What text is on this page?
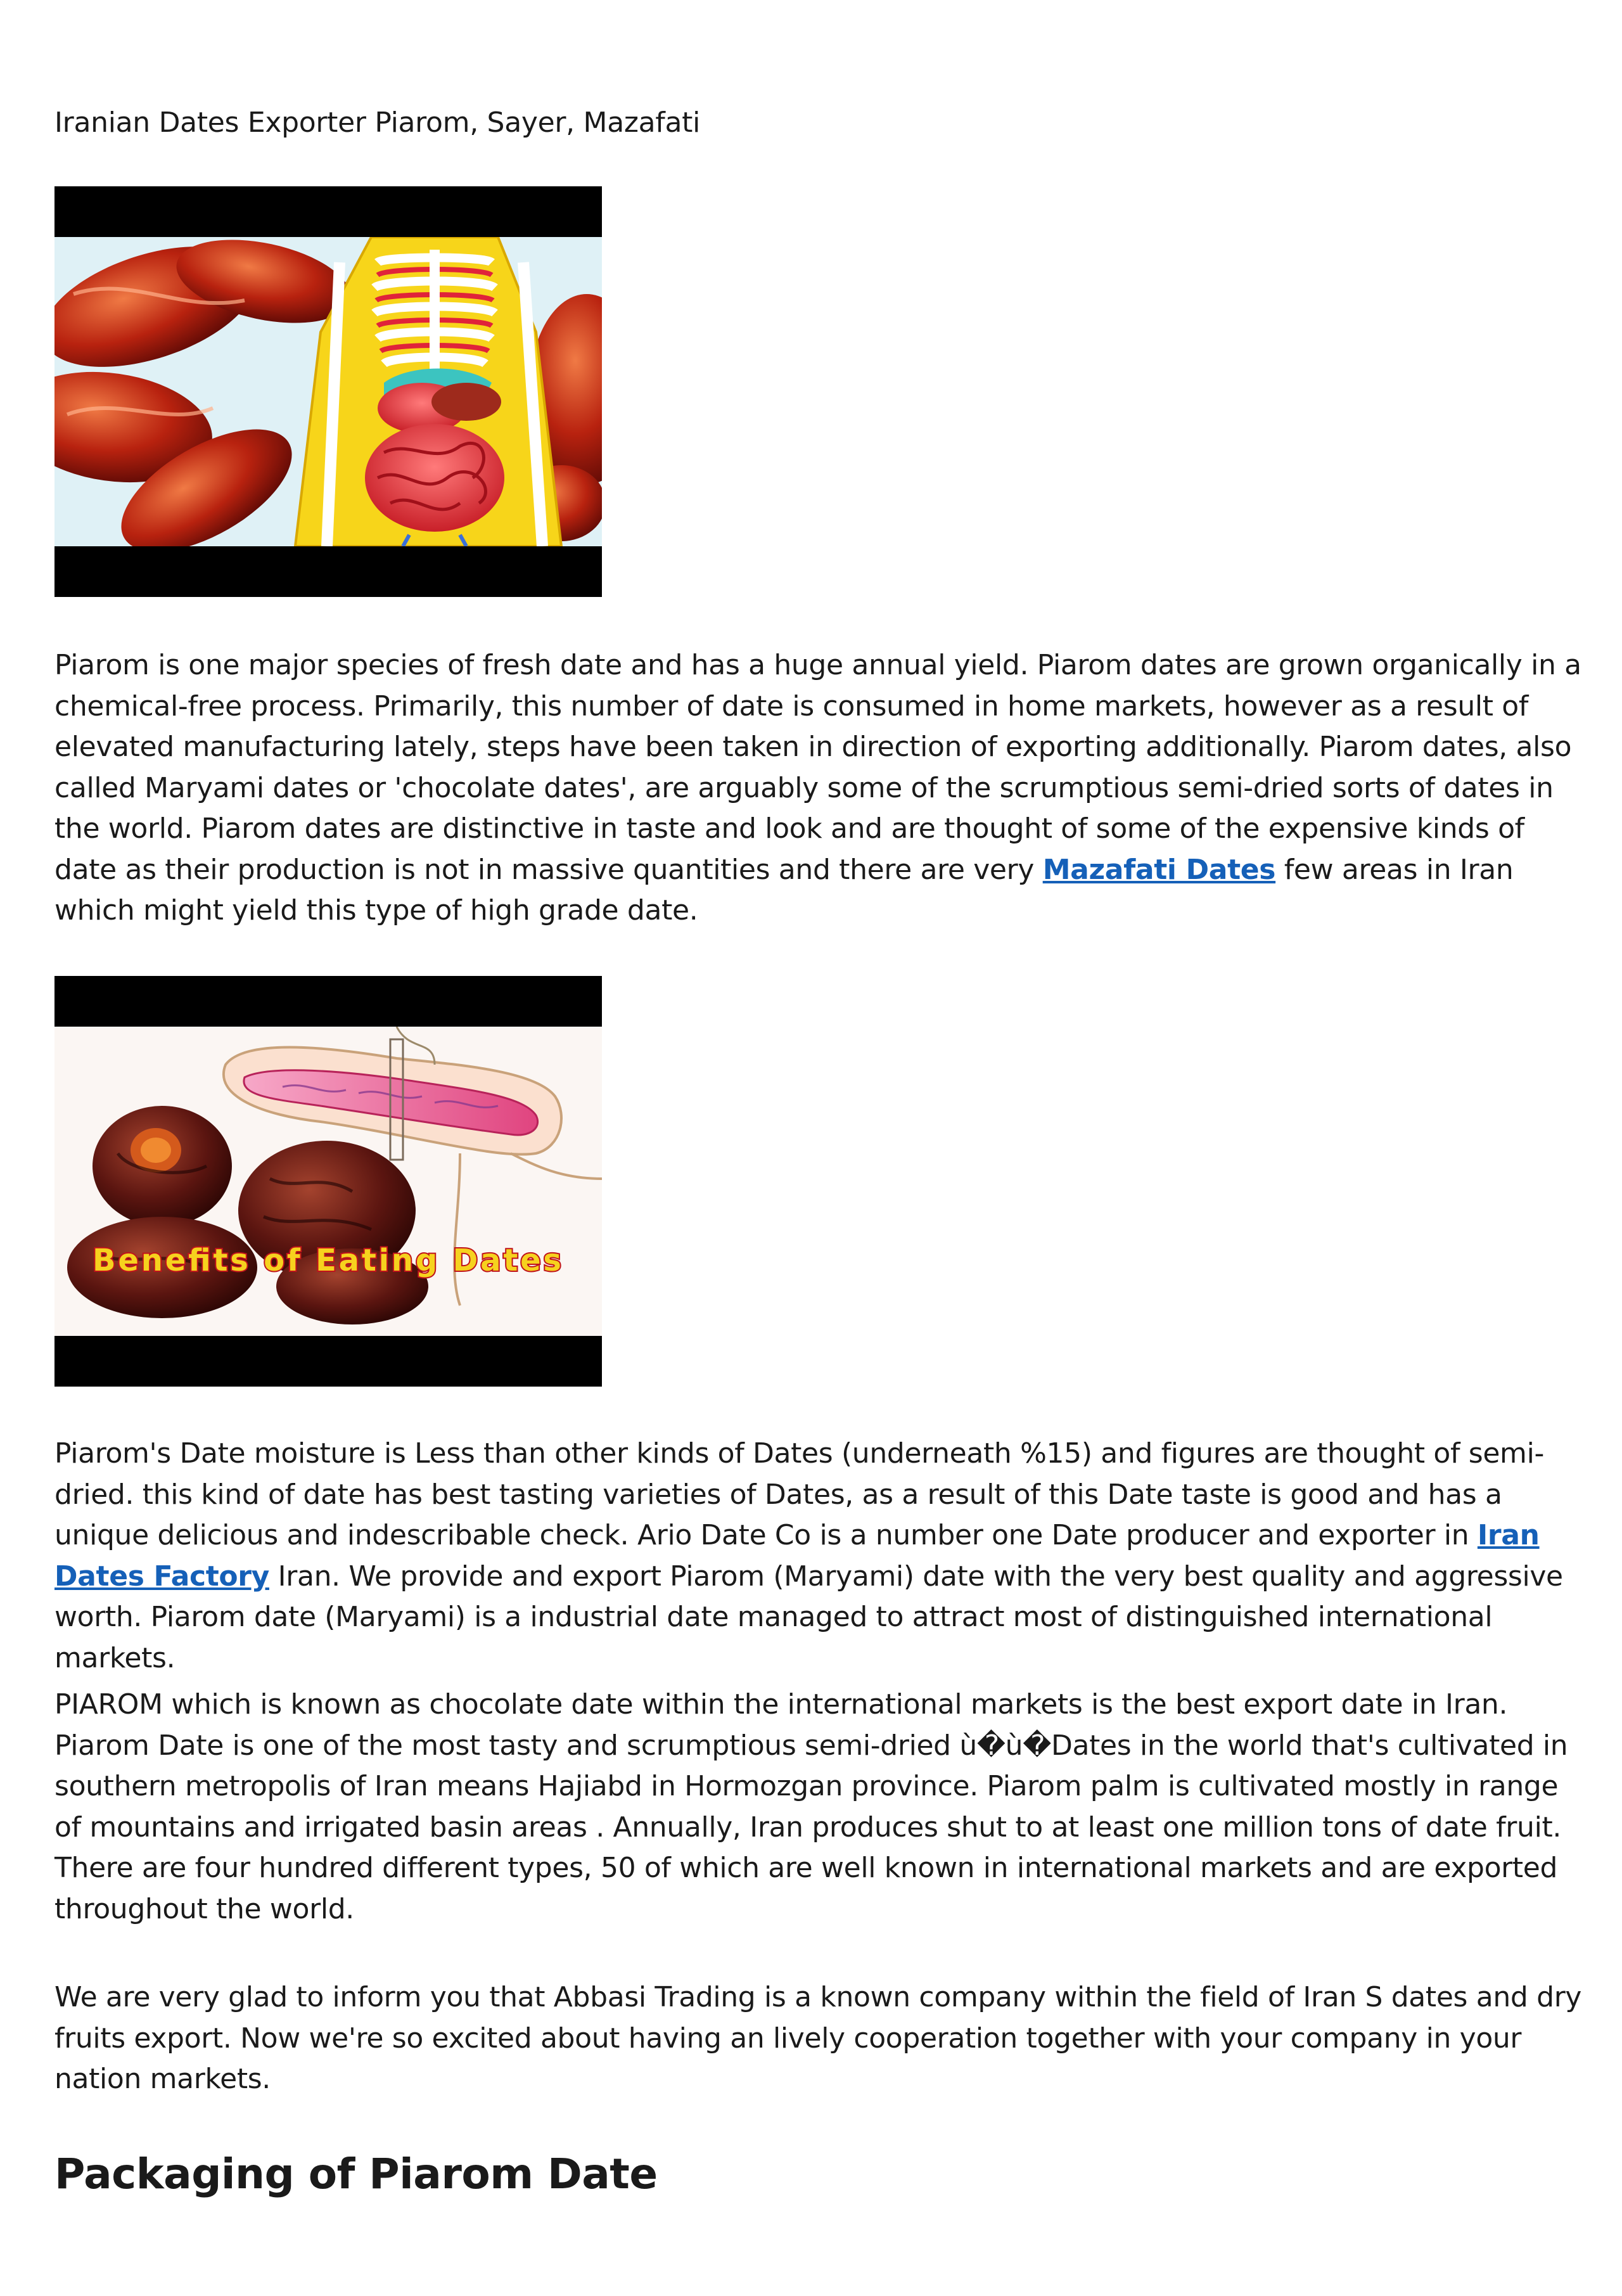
Iranian Dates Exporter Piarom, Sayer, Mazafati

Piarom is one major species of fresh date and has a huge annual yield. Piarom dates are grown organically in a chemical-free process. Primarily, this number of date is consumed in home markets, however as a result of elevated manufacturing lately, steps have been taken in direction of exporting additionally. Piarom dates, also called Maryami dates or 'chocolate dates', are arguably some of the scrumptious semi-dried sorts of dates in the world. Piarom dates are distinctive in taste and look and are thought of some of the expensive kinds of date as their production is not in massive quantities and there are very Mazafati Dates few areas in Iran which might yield this type of high grade date.

Benefits of Eating Dates

Piarom's Date moisture is Less than other kinds of Dates (underneath %15) and figures are thought of semi-dried. this kind of date has best tasting varieties of Dates, as a result of this Date taste is good and has a unique delicious and indescribable check. Ario Date Co is a number one Date producer and exporter in Iran Dates Factory Iran. We provide and export Piarom (Maryami) date with the very best quality and aggressive worth. Piarom date (Maryami) is a industrial date managed to attract most of distinguished international markets.

PIAROM which is known as chocolate date within the international markets is the best export date in Iran. Piarom Date is one of the most tasty and scrumptious semi-dried ù�ù�Dates in the world that's cultivated in southern metropolis of Iran means Hajiabd in Hormozgan province. Piarom palm is cultivated mostly in range of mountains and irrigated basin areas . Annually, Iran produces shut to at least one million tons of date fruit. There are four hundred different types, 50 of which are well known in international markets and are exported throughout the world.

We are very glad to inform you that Abbasi Trading is a known company within the field of Iran S dates and dry fruits export. Now we're so excited about having an lively cooperation together with your company in your nation markets.

Packaging of Piarom Date
